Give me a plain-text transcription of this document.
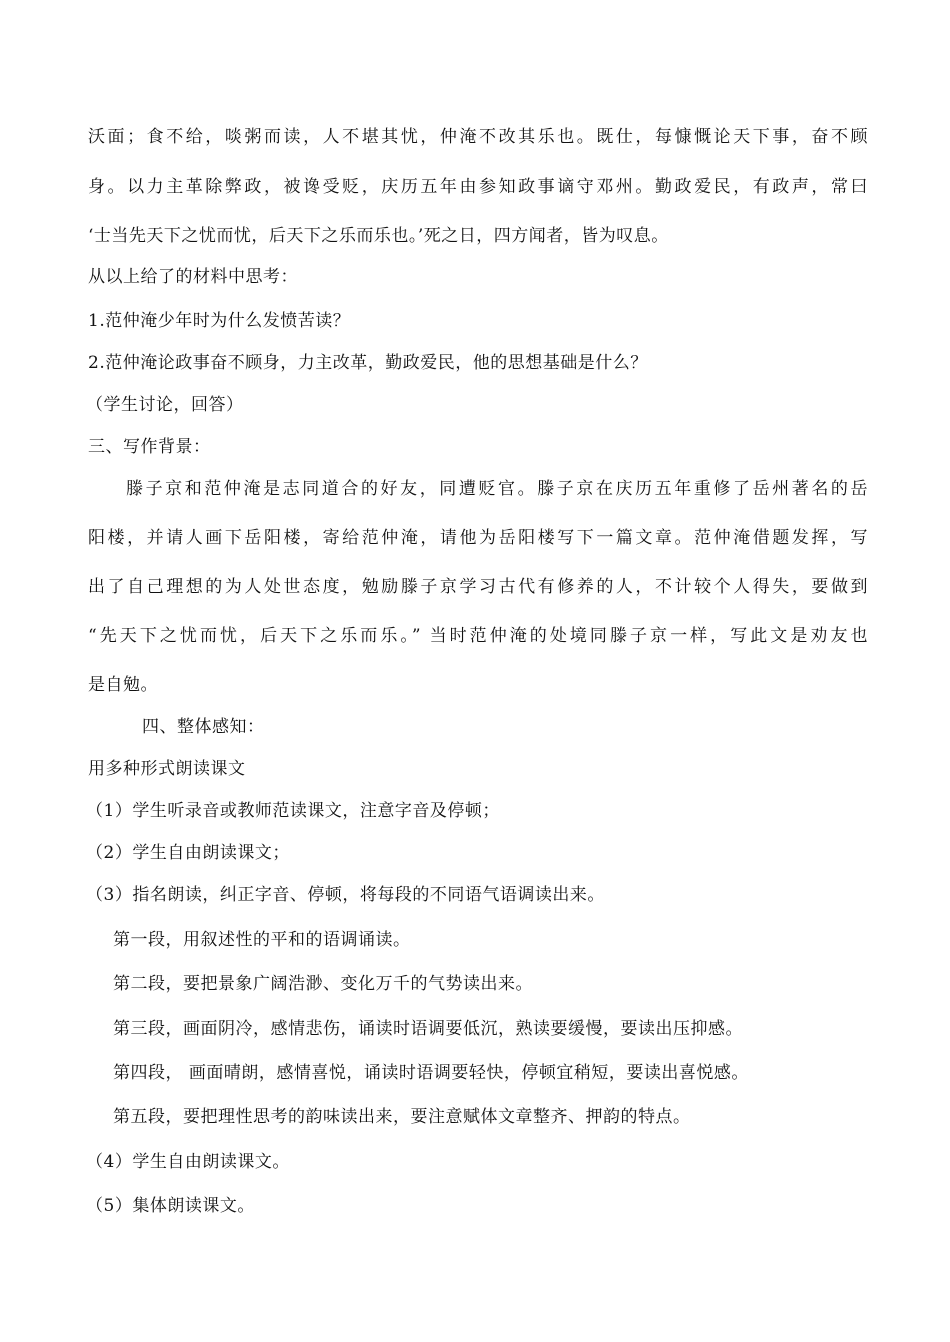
沃面；食不给，啖粥而读，人不堪其忧，仲淹不改其乐也。既仕，每慷慨论天下事，奋不顾
身。以力主革除弊政，被谗受贬，庆历五年由参知政事谪守邓州。勤政爱民，有政声，常曰
‘士当先天下之忧而忧，后天下之乐而乐也。’死之日，四方闻者，皆为叹息。
从以上给了的材料中思考：
1.范仲淹少年时为什么发愤苦读？
2.范仲淹论政事奋不顾身，力主改革，勤政爱民，他的思想基础是什么？
（学生讨论，回答）
三、写作背景：
滕子京和范仲淹是志同道合的好友，同遭贬官。滕子京在庆历五年重修了岳州著名的岳
阳楼，并请人画下岳阳楼，寄给范仲淹，请他为岳阳楼写下一篇文章。范仲淹借题发挥，写
出了自己理想的为人处世态度，勉励滕子京学习古代有修养的人，不计较个人得失，要做到
“先天下之忧而忧，后天下之乐而乐。” 当时范仲淹的处境同滕子京一样，写此文是劝友也
是自勉。
四、整体感知：
用多种形式朗读课文
（1）学生听录音或教师范读课文，注意字音及停顿；
（2）学生自由朗读课文；
（3）指名朗读，纠正字音、停顿，将每段的不同语气语调读出来。
第一段，用叙述性的平和的语调诵读。
第二段，要把景象广阔浩渺、变化万千的气势读出来。
第三段，画面阴冷，感情悲伤，诵读时语调要低沉，熟读要缓慢，要读出压抑感。
第四段， 画面晴朗，感情喜悦，诵读时语调要轻快，停顿宜稍短，要读出喜悦感。
第五段，要把理性思考的韵味读出来，要注意赋体文章整齐、押韵的特点。
（4）学生自由朗读课文。
（5）集体朗读课文。
